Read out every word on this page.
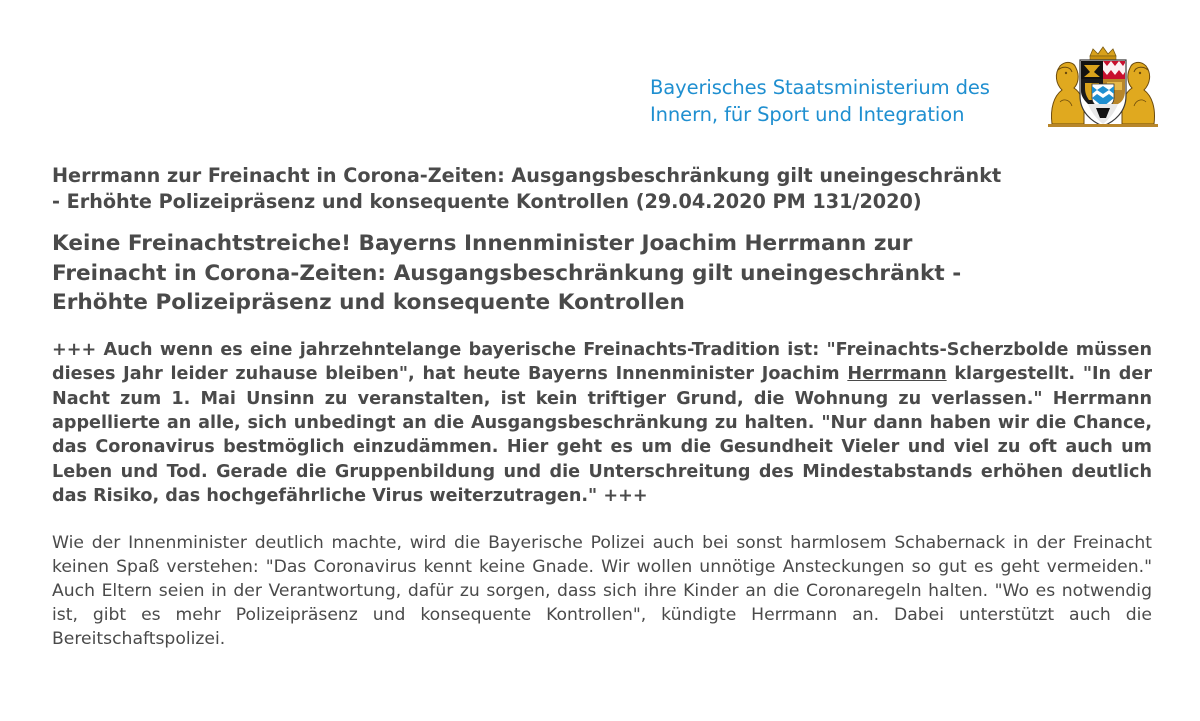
Bayerisches Staatsministerium des
Innern, für Sport und Integration
Herrmann zur Freinacht in Corona-Zeiten: Ausgangsbeschränkung gilt uneingeschränkt - Erhöhte Polizeipräsenz und konsequente Kontrollen (29.04.2020 PM 131/2020)
Keine Freinachtstreiche! Bayerns Innenminister Joachim Herrmann zur Freinacht in Corona-Zeiten: Ausgangsbeschränkung gilt uneingeschränkt - Erhöhte Polizeipräsenz und konsequente Kontrollen

+++ Auch wenn es eine jahrzehntelange bayerische Freinachts-Tradition ist: "Freinachts-Scherzbolde müssen dieses Jahr leider zuhause bleiben", hat heute Bayerns Innenminister Joachim Herrmann klargestellt. "In der Nacht zum 1. Mai Unsinn zu veranstalten, ist kein triftiger Grund, die Wohnung zu verlassen." Herrmann appellierte an alle, sich unbedingt an die Ausgangsbeschränkung zu halten. "Nur dann haben wir die Chance, das Coronavirus bestmöglich einzudämmen. Hier geht es um die Gesundheit Vieler und viel zu oft auch um Leben und Tod. Gerade die Gruppenbildung und die Unterschreitung des Mindestabstands erhöhen deutlich das Risiko, das hochgefährliche Virus weiterzutragen." +++

Wie der Innenminister deutlich machte, wird die Bayerische Polizei auch bei sonst harmlosem Schabernack in der Freinacht keinen Spaß verstehen: "Das Coronavirus kennt keine Gnade. Wir wollen unnötige Ansteckungen so gut es geht vermeiden." Auch Eltern seien in der Verantwortung, dafür zu sorgen, dass sich ihre Kinder an die Coronaregeln halten. "Wo es notwendig ist, gibt es mehr Polizeipräsenz und konsequente Kontrollen", kündigte Herrmann an. Dabei unterstützt auch die Bereitschaftspolizei.
